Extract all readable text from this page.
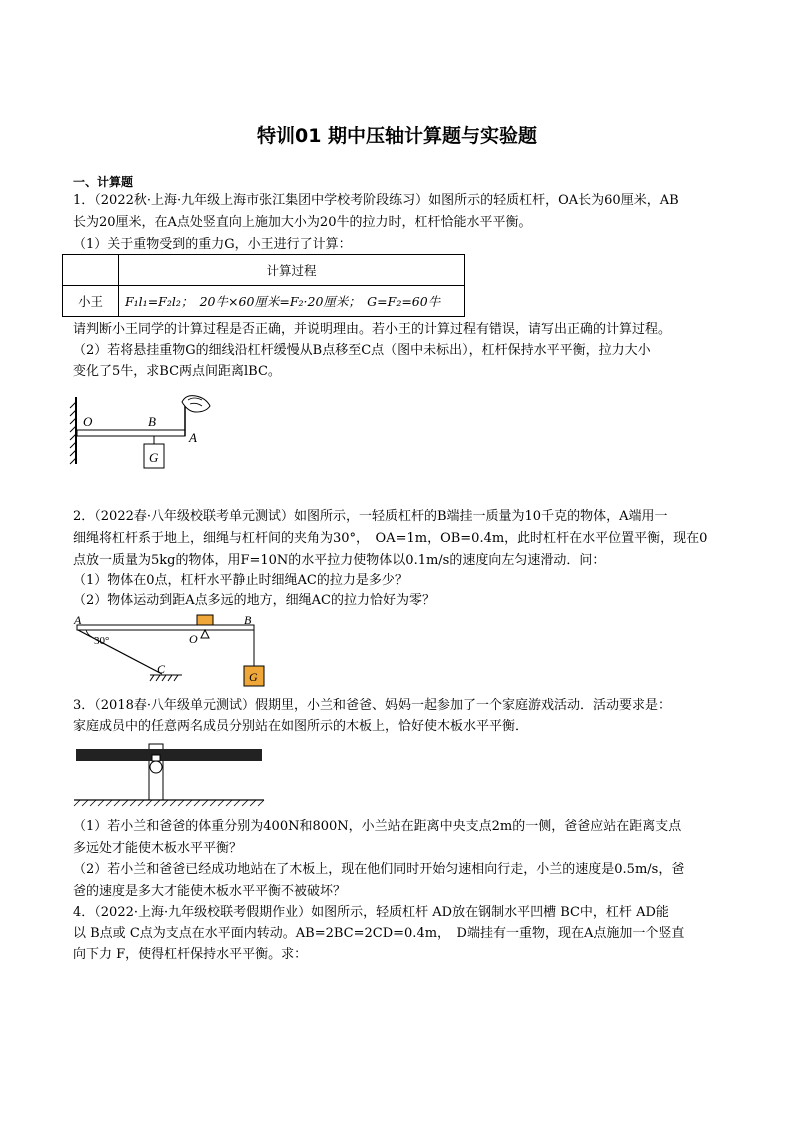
特训01 期中压轴计算题与实验题
一、计算题
1．（2022秋·上海·九年级上海市张江集团中学校考阶段练习）如图所示的轻质杠杆，OA长为60厘米，AB
长为20厘米，在A点处竖直向上施加大小为20牛的拉力时，杠杆恰能水平平衡。
（1）关于重物受到的重力G，小王进行了计算：
	计算过程
小王	F₁l₁=F₂l₂；　20牛×60厘米=F₂·20厘米；　G=F₂=60牛
请判断小王同学的计算过程是否正确，并说明理由。若小王的计算过程有错误，请写出正确的计算过程。
（2）若将悬挂重物G的细线沿杠杆缓慢从B点移至C点（图中未标出），杠杆保持水平平衡，拉力大小
变化了5牛，求BC两点间距离lBC。
O	B
A
G
2．（2022春·八年级校联考单元测试）如图所示，一轻质杠杆的B端挂一质量为10千克的物体，A端用一
细绳将杠杆系于地上，细绳与杠杆间的夹角为30°，　OA=1m，OB=0.4m，此时杠杆在水平位置平衡，现在0
点放一质量为5kg的物体，用F=10N的水平拉力使物体以0.1m/s的速度向左匀速滑动．问：
（1）物体在0点，杠杆水平静止时细绳AC的拉力是多少？
（2）物体运动到距A点多远的地方，细绳AC的拉力恰好为零？
A	B
O
C
G
30°
3．（2018春·八年级单元测试）假期里，小兰和爸爸、妈妈一起参加了一个家庭游戏活动．活动要求是：
家庭成员中的任意两名成员分别站在如图所示的木板上，恰好使木板水平平衡．
（1）若小兰和爸爸的体重分别为400N和800N，小兰站在距离中央支点2m的一侧，爸爸应站在距离支点
多远处才能使木板水平平衡？
（2）若小兰和爸爸已经成功地站在了木板上，现在他们同时开始匀速相向行走，小兰的速度是0.5m/s，爸
爸的速度是多大才能使木板水平平衡不被破坏？
4．（2022·上海·九年级校联考假期作业）如图所示，轻质杠杆 AD放在钢制水平凹槽 BC中，杠杆 AD能
以 B点或 C点为支点在水平面内转动。AB=2BC=2CD=0.4m，　D端挂有一重物，现在A点施加一个竖直
向下力 F，使得杠杆保持水平平衡。求：
